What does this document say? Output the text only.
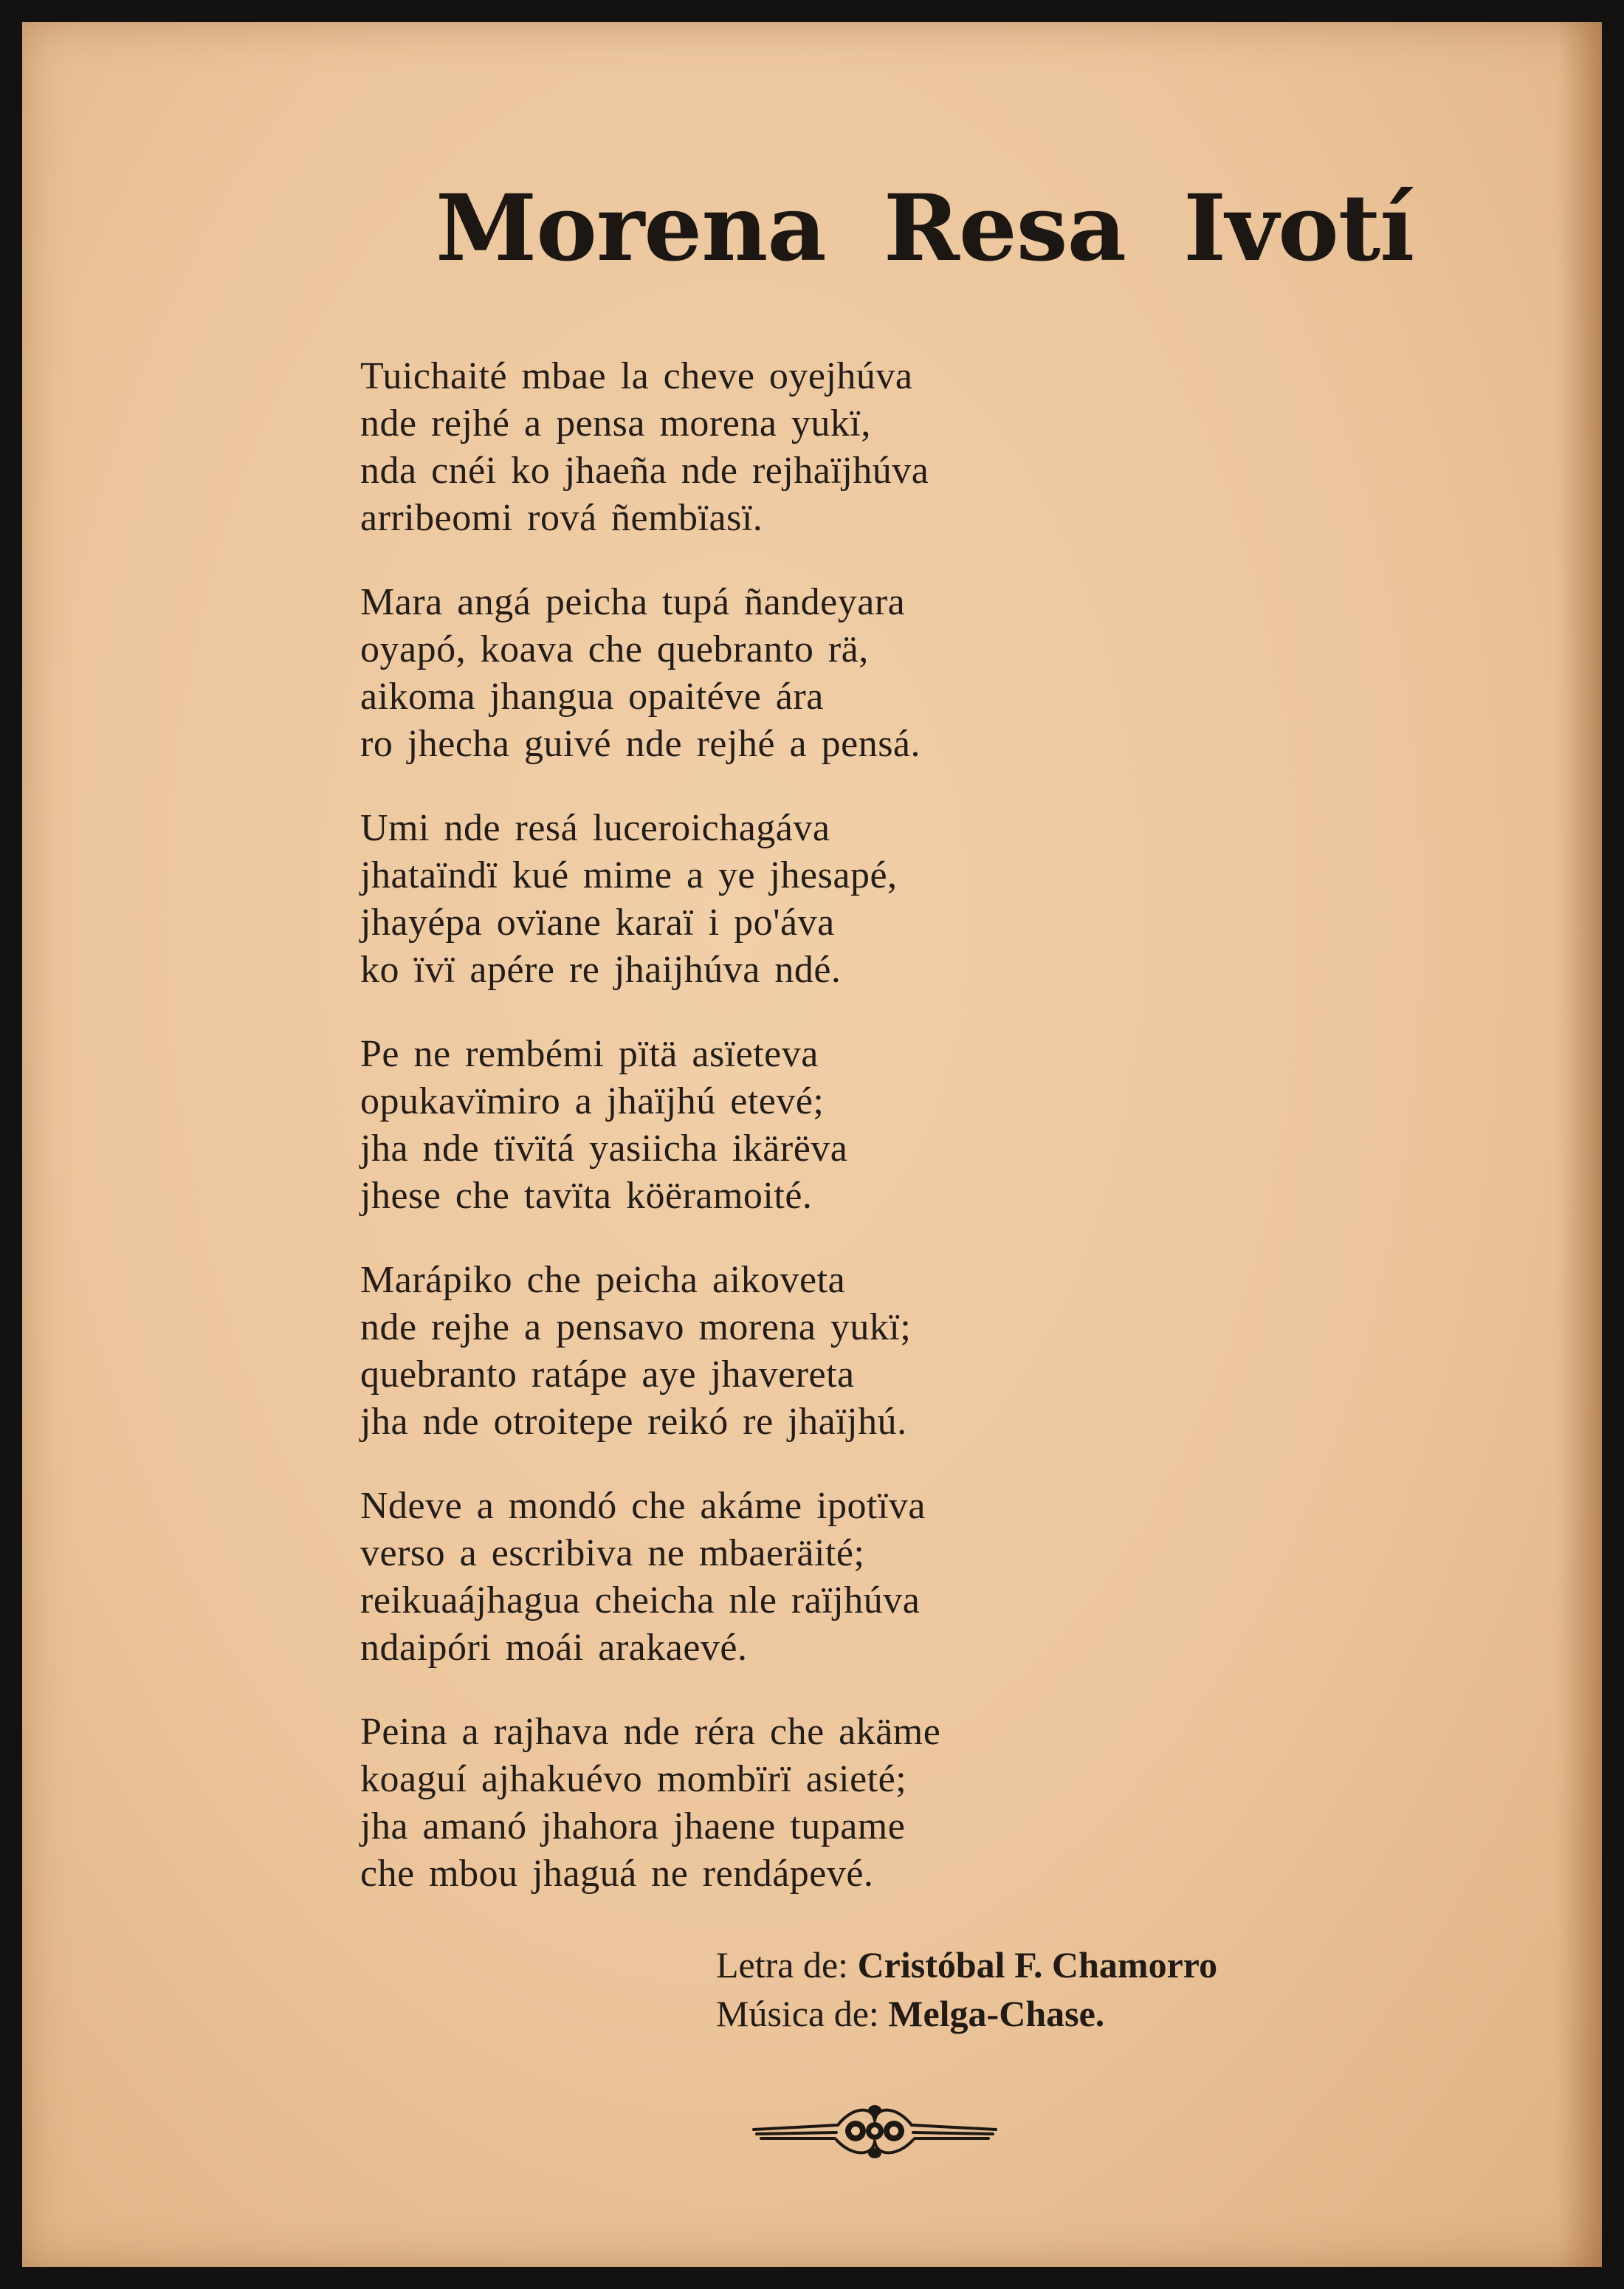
Morena Resa Ivotí
Tuichaité mbae la cheve oyejhúva
nde rejhé a pensa morena yukï,
nda cnéi ko jhaeña nde rejhaïjhúva
arribeomi rová ñembïasï.
Mara angá peicha tupá ñandeyara
oyapó, koava che quebranto rä,
aikoma jhangua opaitéve ára
ro jhecha guivé nde rejhé a pensá.
Umi nde resá luceroichagáva
jhataïndï kué mime a ye jhesapé,
jhayépa ovïane karaï i po'áva
ko ïvï apére re jhaijhúva ndé.
Pe ne rembémi pïtä asïeteva
opukavïmiro a jhaïjhú etevé;
jha nde tïvïtá yasiicha ikärëva
jhese che tavïta köëramoité.
Marápiko che peicha aikoveta
nde rejhe a pensavo morena yukï;
quebranto ratápe aye jhavereta
jha nde otroitepe reikó re jhaïjhú.
Ndeve a mondó che akáme ipotïva
verso a escribiva ne mbaeräité;
reikuaájhagua cheicha nle raïjhúva
ndaipóri moái arakaevé.
Peina a rajhava nde réra che akäme
koaguí ajhakuévo mombïrï asieté;
jha amanó jhahora jhaene tupame
che mbou jhaguá ne rendápevé.
Letra de: Cristóbal F. Chamorro
Música de: Melga-Chase.
